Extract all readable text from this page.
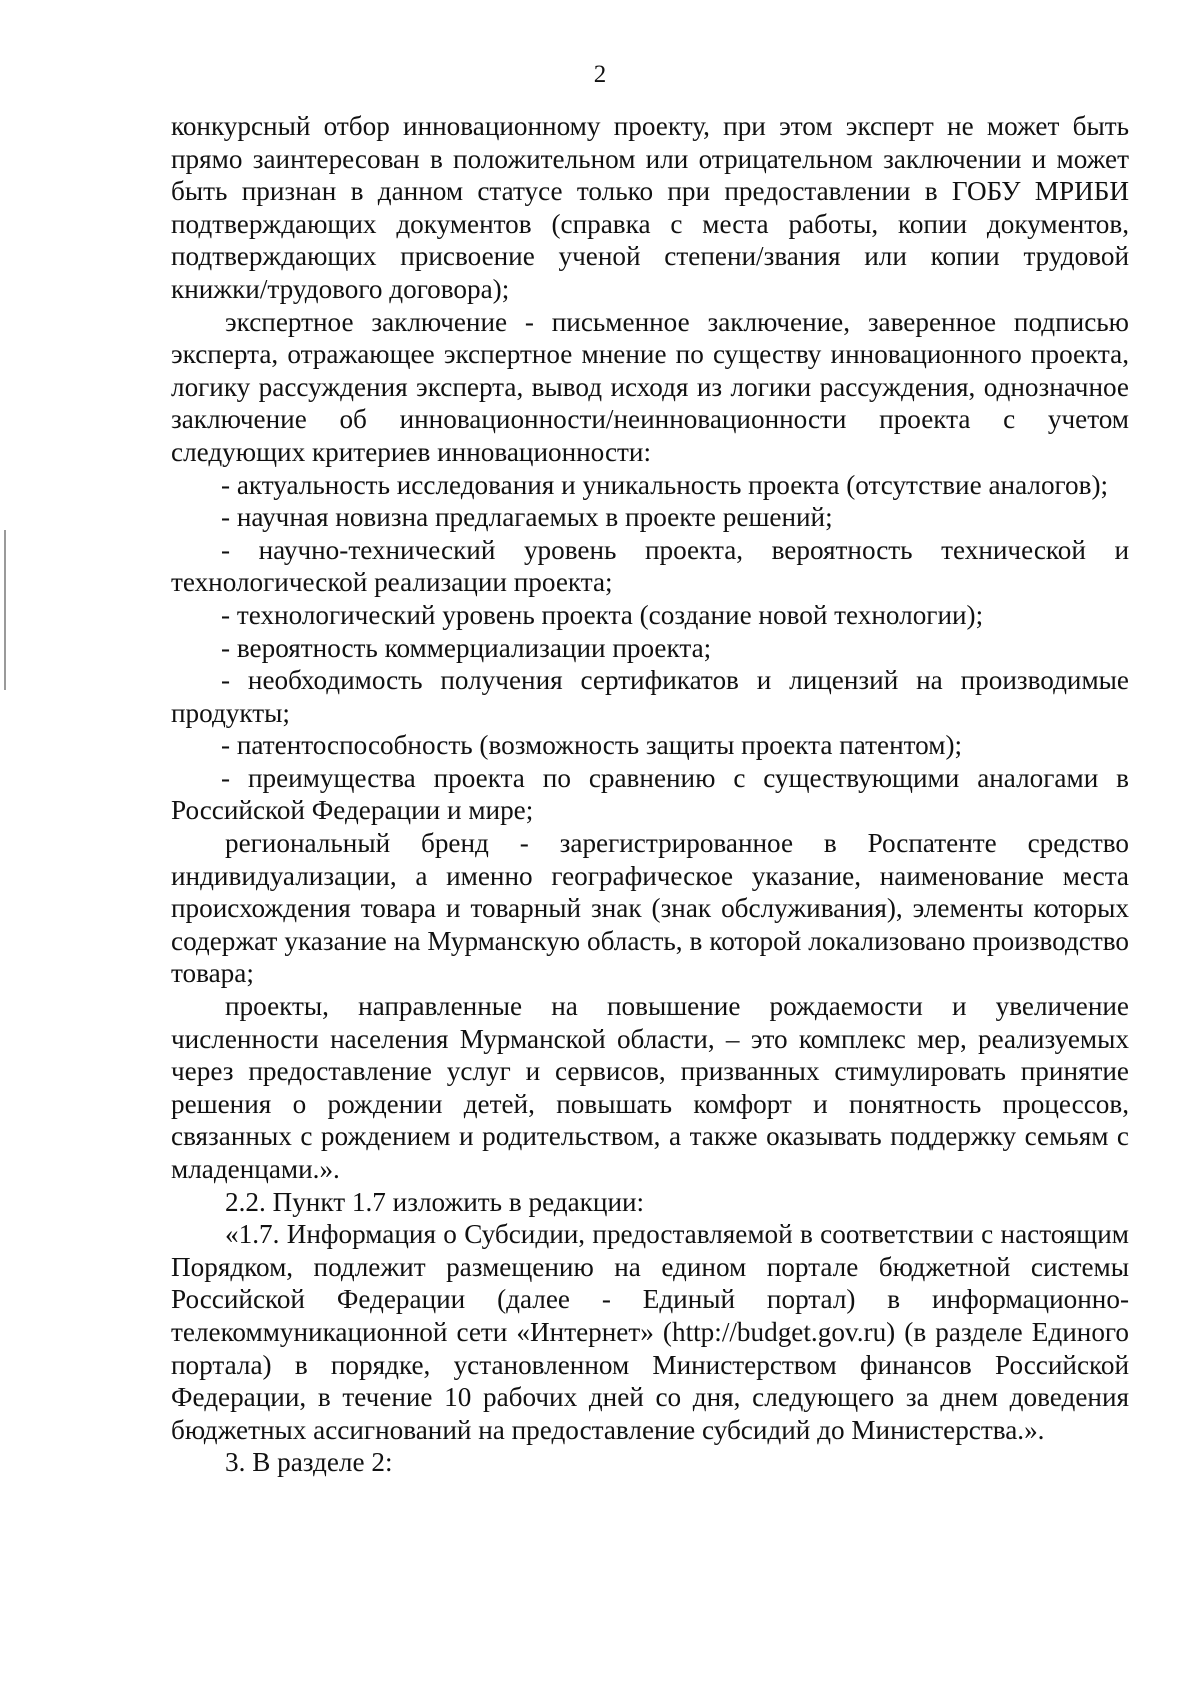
2

конкурсный отбор инновационному проекту, при этом эксперт не может быть прямо заинтересован в положительном или отрицательном заключении и может быть признан в данном статусе только при предоставлении в ГОБУ МРИБИ подтверждающих документов (справка с места работы, копии документов, подтверждающих присвоение ученой степени/звания или копии трудовой книжки/трудового договора);

экспертное заключение - письменное заключение, заверенное подписью эксперта, отражающее экспертное мнение по существу инновационного проекта, логику рассуждения эксперта, вывод исходя из логики рассуждения, однозначное заключение об инновационности/неинновационности проекта с учетом следующих критериев инновационности:

- актуальность исследования и уникальность проекта (отсутствие аналогов);

- научная новизна предлагаемых в проекте решений;

- научно-технический уровень проекта, вероятность технической и технологической реализации проекта;

- технологический уровень проекта (создание новой технологии);

- вероятность коммерциализации проекта;

- необходимость получения сертификатов и лицензий на производимые продукты;

- патентоспособность (возможность защиты проекта патентом);

- преимущества проекта по сравнению с существующими аналогами в Российской Федерации и мире;

региональный бренд - зарегистрированное в Роспатенте средство индивидуализации, а именно географическое указание, наименование места происхождения товара и товарный знак (знак обслуживания), элементы которых содержат указание на Мурманскую область, в которой локализовано производство товара;

проекты, направленные на повышение рождаемости и увеличение численности населения Мурманской области, – это комплекс мер, реализуемых через предоставление услуг и сервисов, призванных стимулировать принятие решения о рождении детей, повышать комфорт и понятность процессов, связанных с рождением и родительством, а также оказывать поддержку семьям с младенцами.».

2.2. Пункт 1.7 изложить в редакции:

«1.7. Информация о Субсидии, предоставляемой в соответствии с настоящим Порядком, подлежит размещению на едином портале бюджетной системы Российской Федерации (далее - Единый портал) в информационно-телекоммуникационной сети «Интернет» (http://budget.gov.ru) (в разделе Единого портала) в порядке, установленном Министерством финансов Российской Федерации, в течение 10 рабочих дней со дня, следующего за днем доведения бюджетных ассигнований на предоставление субсидий до Министерства.».

3. В разделе 2:
